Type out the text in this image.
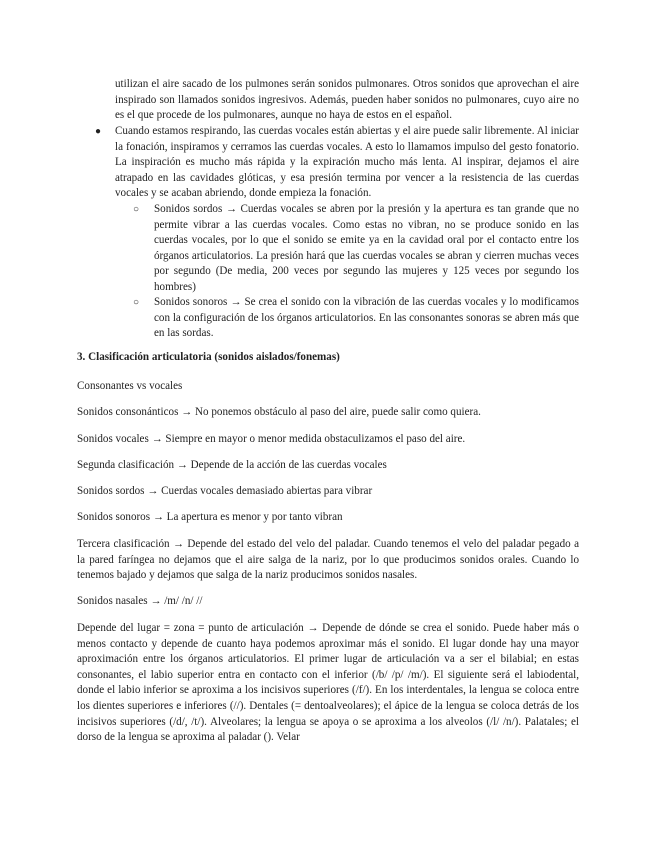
utilizan el aire sacado de los pulmones serán sonidos pulmonares. Otros sonidos que aprovechan el aire inspirado son llamados sonidos ingresivos. Además, pueden haber sonidos no pulmonares, cuyo aire no es el que procede de los pulmonares, aunque no haya de estos en el español.

● Cuando estamos respirando, las cuerdas vocales están abiertas y el aire puede salir libremente. Al iniciar la fonación, inspiramos y cerramos las cuerdas vocales. A esto lo llamamos impulso del gesto fonatorio. La inspiración es mucho más rápida y la expiración mucho más lenta. Al inspirar, dejamos el aire atrapado en las cavidades glóticas, y esa presión termina por vencer a la resistencia de las cuerdas vocales y se acaban abriendo, donde empieza la fonación.

○ Sonidos sordos → Cuerdas vocales se abren por la presión y la apertura es tan grande que no permite vibrar a las cuerdas vocales. Como estas no vibran, no se produce sonido en las cuerdas vocales, por lo que el sonido se emite ya en la cavidad oral por el contacto entre los órganos articulatorios. La presión hará que las cuerdas vocales se abran y cierren muchas veces por segundo (De media, 200 veces por segundo las mujeres y 125 veces por segundo los hombres)

○ Sonidos sonoros → Se crea el sonido con la vibración de las cuerdas vocales y lo modificamos con la configuración de los órganos articulatorios. En las consonantes sonoras se abren más que en las sordas.

3. Clasificación articulatoria (sonidos aislados/fonemas)

Consonantes vs vocales

Sonidos consonánticos → No ponemos obstáculo al paso del aire, puede salir como quiera.

Sonidos vocales → Siempre en mayor o menor medida obstaculizamos el paso del aire.

Segunda clasificación → Depende de la acción de las cuerdas vocales

Sonidos sordos → Cuerdas vocales demasiado abiertas para vibrar

Sonidos sonoros → La apertura es menor y por tanto vibran

Tercera clasificación → Depende del estado del velo del paladar. Cuando tenemos el velo del paladar pegado a la pared faríngea no dejamos que el aire salga de la nariz, por lo que producimos sonidos orales. Cuando lo tenemos bajado y dejamos que salga de la nariz producimos sonidos nasales.

Sonidos nasales → /m/ /n/ //

Depende del lugar = zona = punto de articulación → Depende de dónde se crea el sonido. Puede haber más o menos contacto y depende de cuanto haya podemos aproximar más el sonido. El lugar donde hay una mayor aproximación entre los órganos articulatorios. El primer lugar de articulación va a ser el bilabial; en estas consonantes, el labio superior entra en contacto con el inferior (/b/ /p/ /m/). El siguiente será el labiodental, donde el labio inferior se aproxima a los incisivos superiores (/f/). En los interdentales, la lengua se coloca entre los dientes superiores e inferiores (//). Dentales (= dentoalveolares); el ápice de la lengua se coloca detrás de los incisivos superiores (/d/, /t/). Alveolares; la lengua se apoya o se aproxima a los alveolos (/l/ /n/). Palatales; el dorso de la lengua se aproxima al paladar (). Velar
